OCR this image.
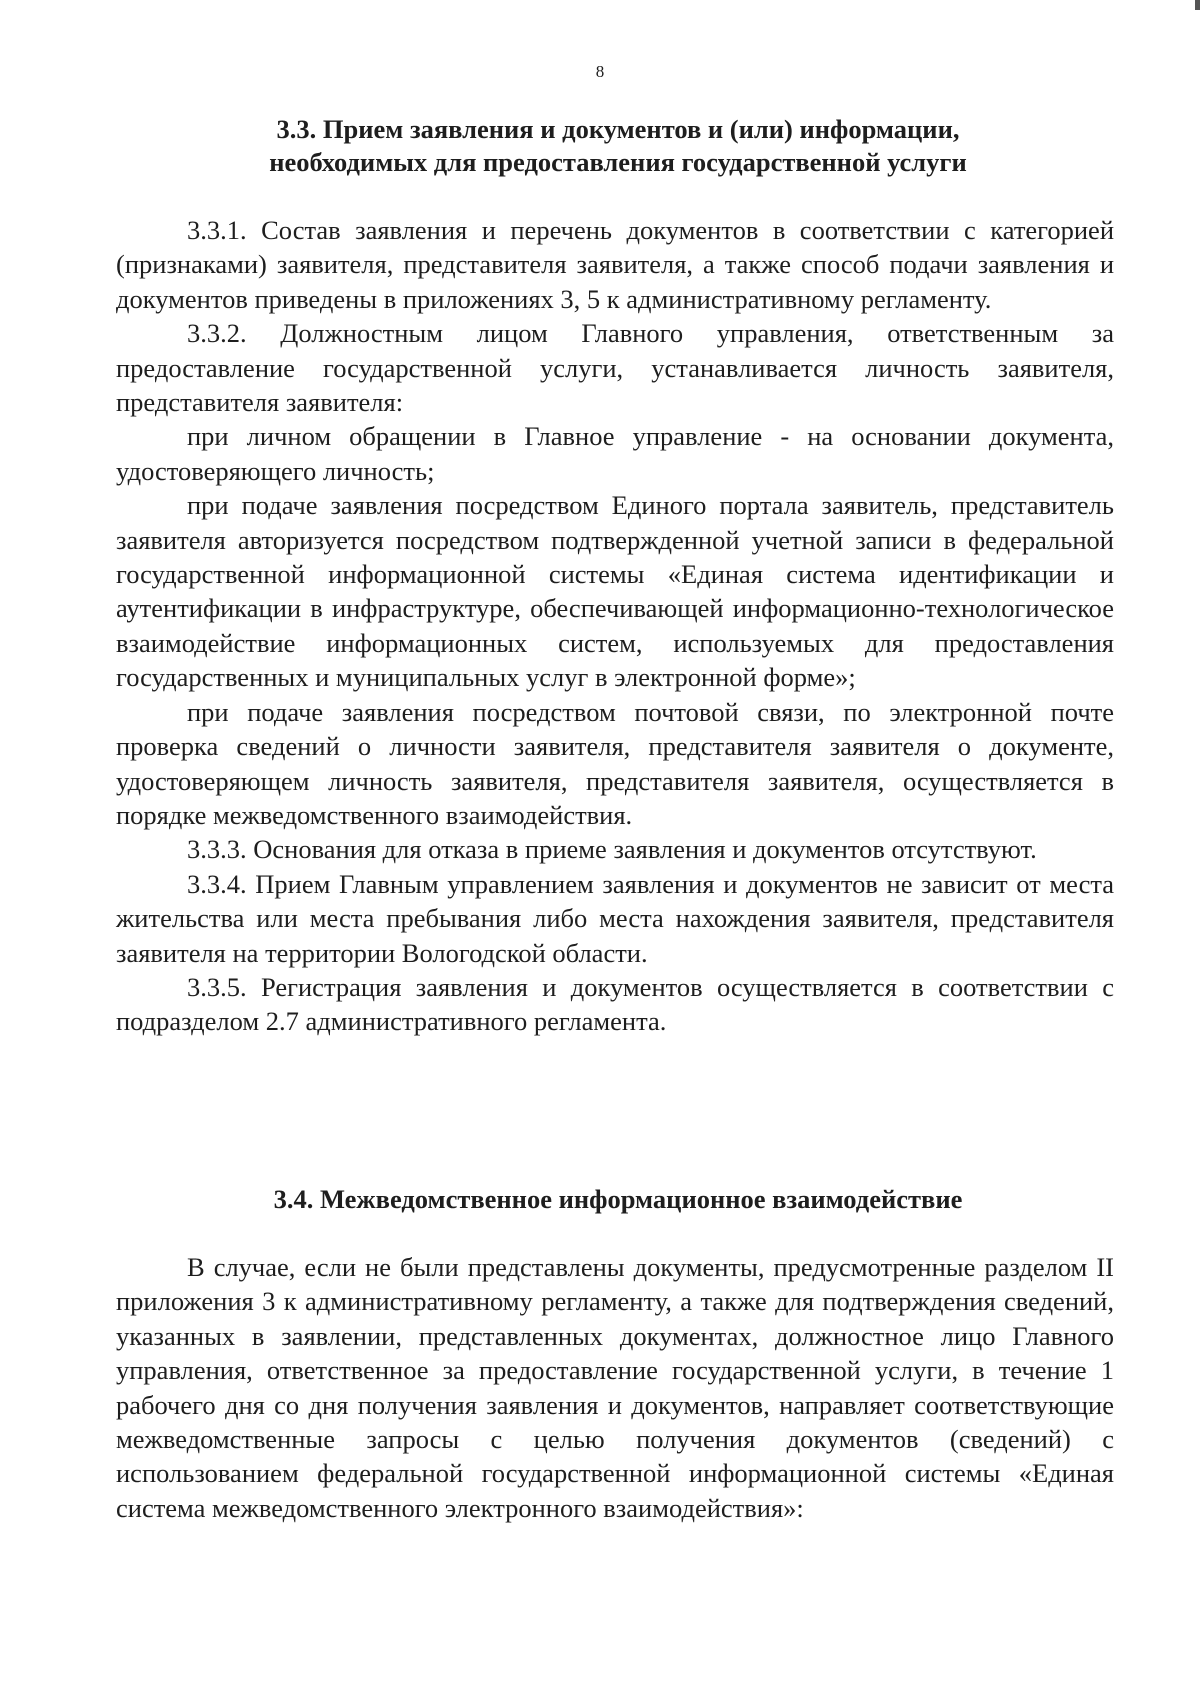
8
3.3. Прием заявления и документов и (или) информации,
необходимых для предоставления государственной услуги

3.3.1. Состав заявления и перечень документов в соответствии с категорией (признаками) заявителя, представителя заявителя, а также способ подачи заявления и документов приведены в приложениях 3, 5 к административному регламенту.

3.3.2. Должностным лицом Главного управления, ответственным за предоставление государственной услуги, устанавливается личность заявителя, представителя заявителя:

при личном обращении в Главное управление - на основании документа, удостоверяющего личность;

при подаче заявления посредством Единого портала заявитель, представитель заявителя авторизуется посредством подтвержденной учетной записи в федеральной государственной информационной системы «Единая система идентификации и аутентификации в инфраструктуре, обеспечивающей информационно-технологическое взаимодействие информационных систем, используемых для предоставления государственных и муниципальных услуг в электронной форме»;

при подаче заявления посредством почтовой связи, по электронной почте проверка сведений о личности заявителя, представителя заявителя о документе, удостоверяющем личность заявителя, представителя заявителя, осуществляется в порядке межведомственного взаимодействия.

3.3.3. Основания для отказа в приеме заявления и документов отсутствуют.

3.3.4. Прием Главным управлением заявления и документов не зависит от места жительства или места пребывания либо места нахождения заявителя, представителя заявителя на территории Вологодской области.

3.3.5. Регистрация заявления и документов осуществляется в соответствии с подразделом 2.7 административного регламента.

3.4. Межведомственное информационное взаимодействие

В случае, если не были представлены документы, предусмотренные разделом II приложения 3 к административному регламенту, а также для подтверждения сведений, указанных в заявлении, представленных документах, должностное лицо Главного управления, ответственное за предоставление государственной услуги, в течение 1 рабочего дня со дня получения заявления и документов, направляет соответствующие межведомственные запросы с целью получения документов (сведений) с использованием федеральной государственной информационной системы «Единая система межведомственного электронного взаимодействия»:
